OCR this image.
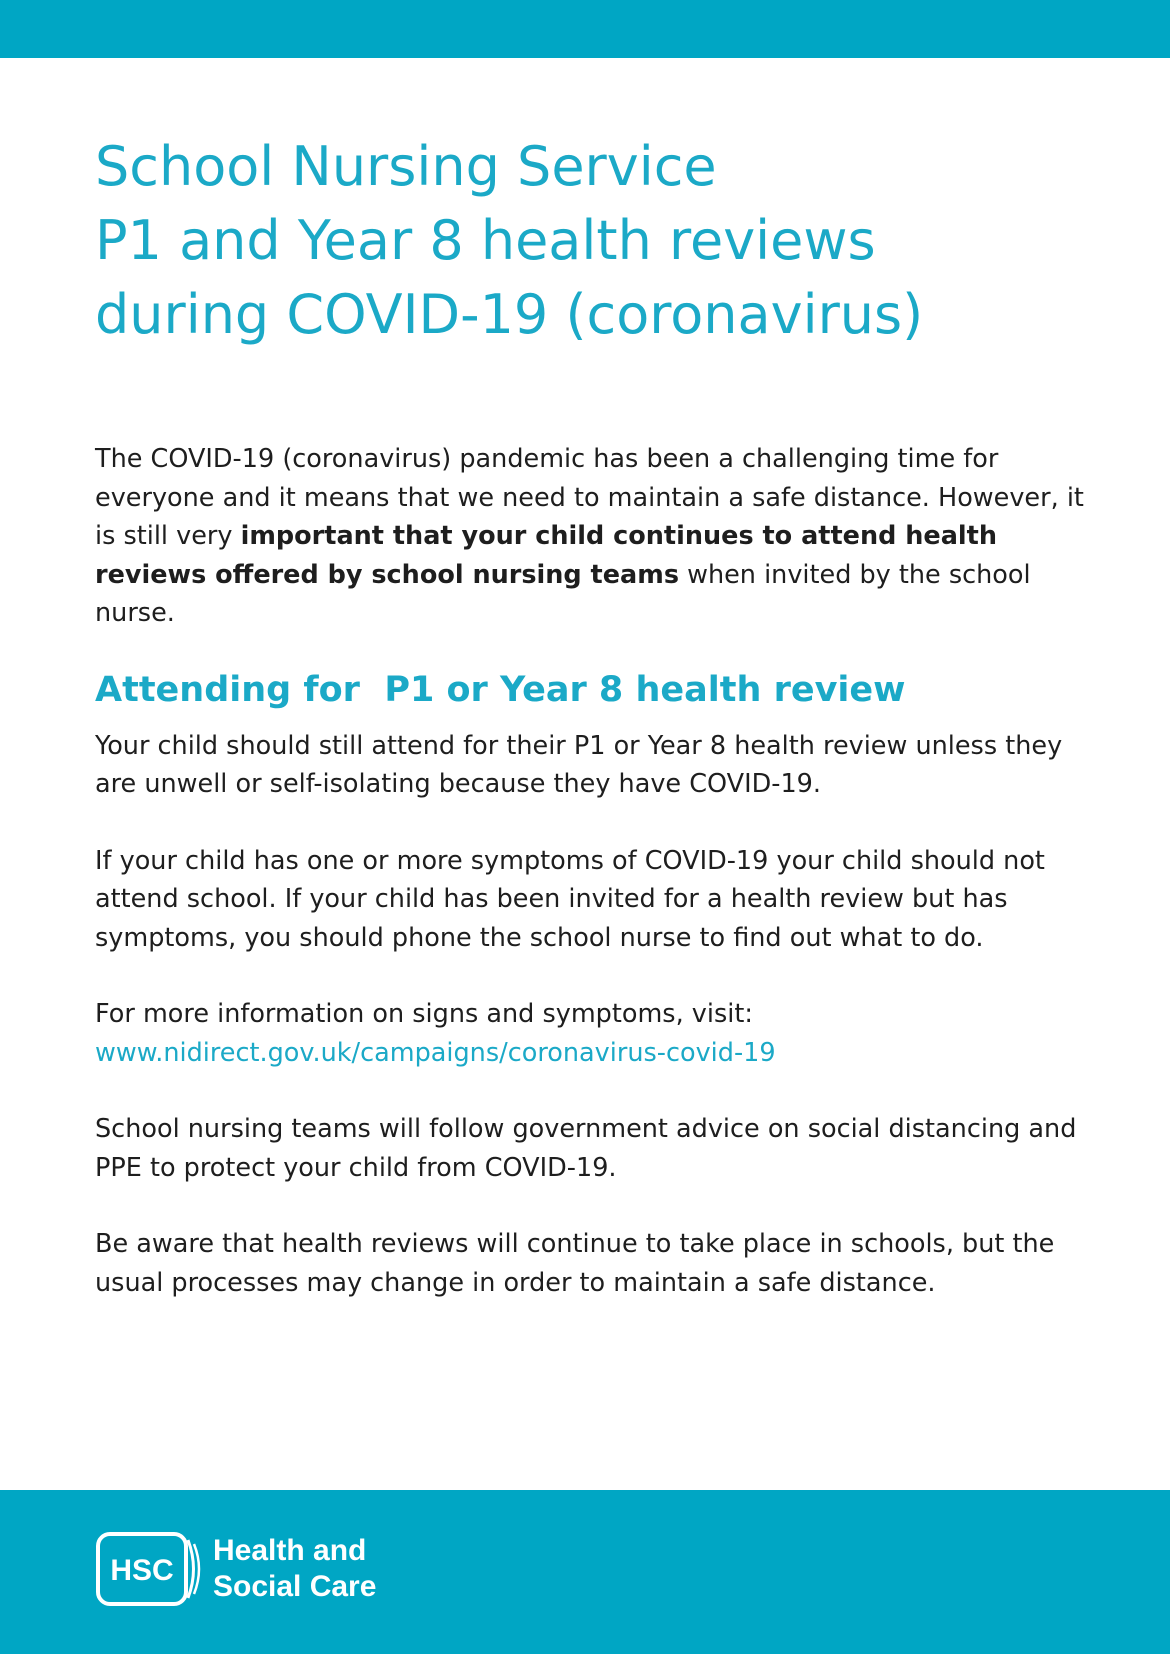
School Nursing Service
P1 and Year 8 health reviews
during COVID-19 (coronavirus)

The COVID-19 (coronavirus) pandemic has been a challenging time for everyone and it means that we need to maintain a safe distance. However, it is still very important that your child continues to attend health reviews offered by school nursing teams when invited by the school nurse.

Attending for  P1 or Year 8 health review

Your child should still attend for their P1 or Year 8 health review unless they are unwell or self-isolating because they have COVID-19.

If your child has one or more symptoms of COVID-19 your child should not attend school. If your child has been invited for a health review but has symptoms, you should phone the school nurse to find out what to do.

For more information on signs and symptoms, visit:
www.nidirect.gov.uk/campaigns/coronavirus-covid-19

School nursing teams will follow government advice on social distancing and PPE to protect your child from COVID-19.

Be aware that health reviews will continue to take place in schools, but the usual processes may change in order to maintain a safe distance.

HSC
Health and
Social Care
